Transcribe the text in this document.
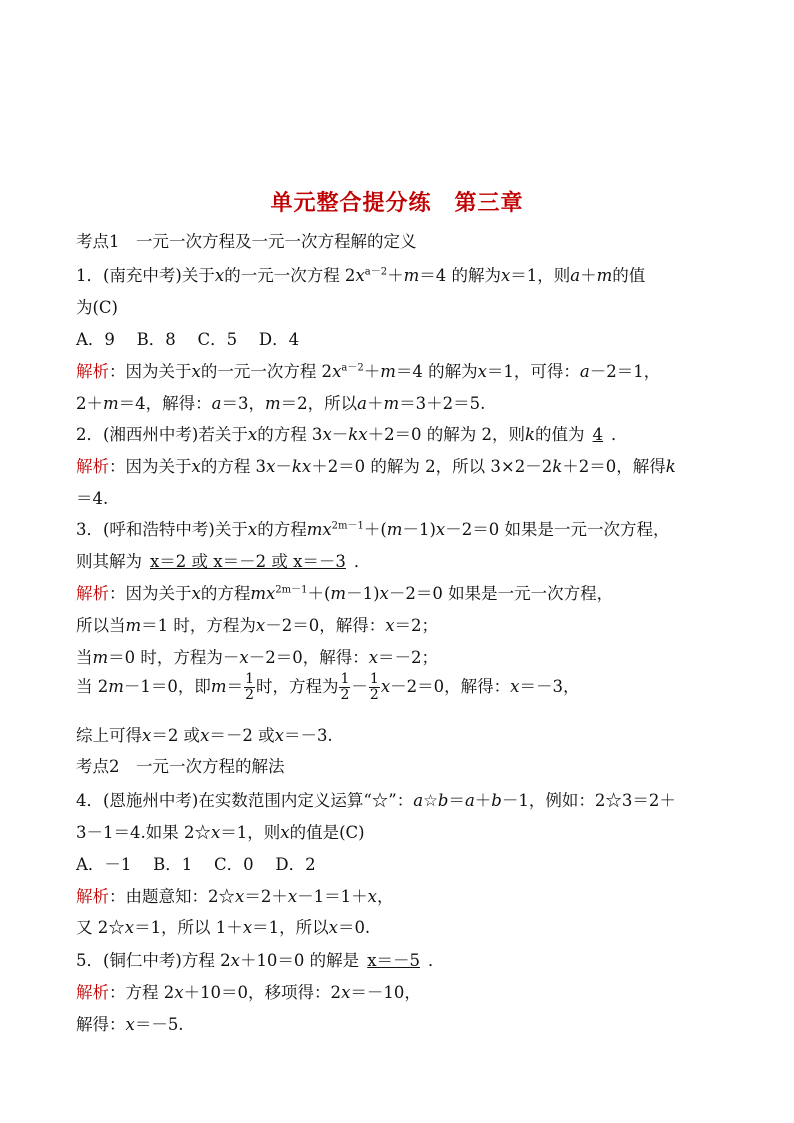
单元整合提分练　第三章
考点1　一元一次方程及一元一次方程解的定义
1．(南充中考)关于x的一元一次方程 $2x^{a-2}+m=4$ 的解为x＝1，则a＋m的值
为(C)
A．9　 B．8　 C．5　 D．4
解析：因为关于x的一元一次方程 $2x^{a-2}+m=4$ 的解为x＝1，可得：a－2＝1，
2＋m＝4，解得：a＝3，m＝2，所以a＋m＝3＋2＝5.
2．(湘西州中考)若关于x的方程 3x－kx＋2＝0 的解为 2，则k的值为 4 ．
解析：因为关于x的方程 3x－kx＋2＝0 的解为 2，所以 3×2－2k＋2＝0，解得k
＝4.
3．(呼和浩特中考)关于x的方程$mx^{2m-1}+(m-1)x-2=0$ 如果是一元一次方程，
则其解为 x＝2 或 x＝－2 或 x＝－3 ．
解析：因为关于x的方程$mx^{2m-1}+(m-1)x-2=0$ 如果是一元一次方程，
所以当m＝1 时，方程为x－2＝0，解得：x＝2；
当m＝0 时，方程为－x－2＝0，解得：x＝－2；
当 2m－1＝0，即$m= \frac{1}{2}$ 时，方程为 $\frac{1}{2} - \frac{1}{2} x-2=0$，解得：x＝－3，
综上可得x＝2 或x＝－2 或x＝－3.
考点2　一元一次方程的解法
4．(恩施州中考)在实数范围内定义运算“☆”：a☆b＝a＋b－1，例如：2☆3＝2＋
3－1＝4.如果 2☆x＝1，则x的值是(C)
A．－1　 B．1　 C．0　 D．2
解析：由题意知：2☆x＝2＋x－1＝1＋x，
又 2☆x＝1，所以 1＋x＝1，所以x＝0.
5．(铜仁中考)方程 2x＋10＝0 的解是 x＝－5 ．
解析：方程 2x＋10＝0，移项得：2x＝－10，
解得：x＝－5.
